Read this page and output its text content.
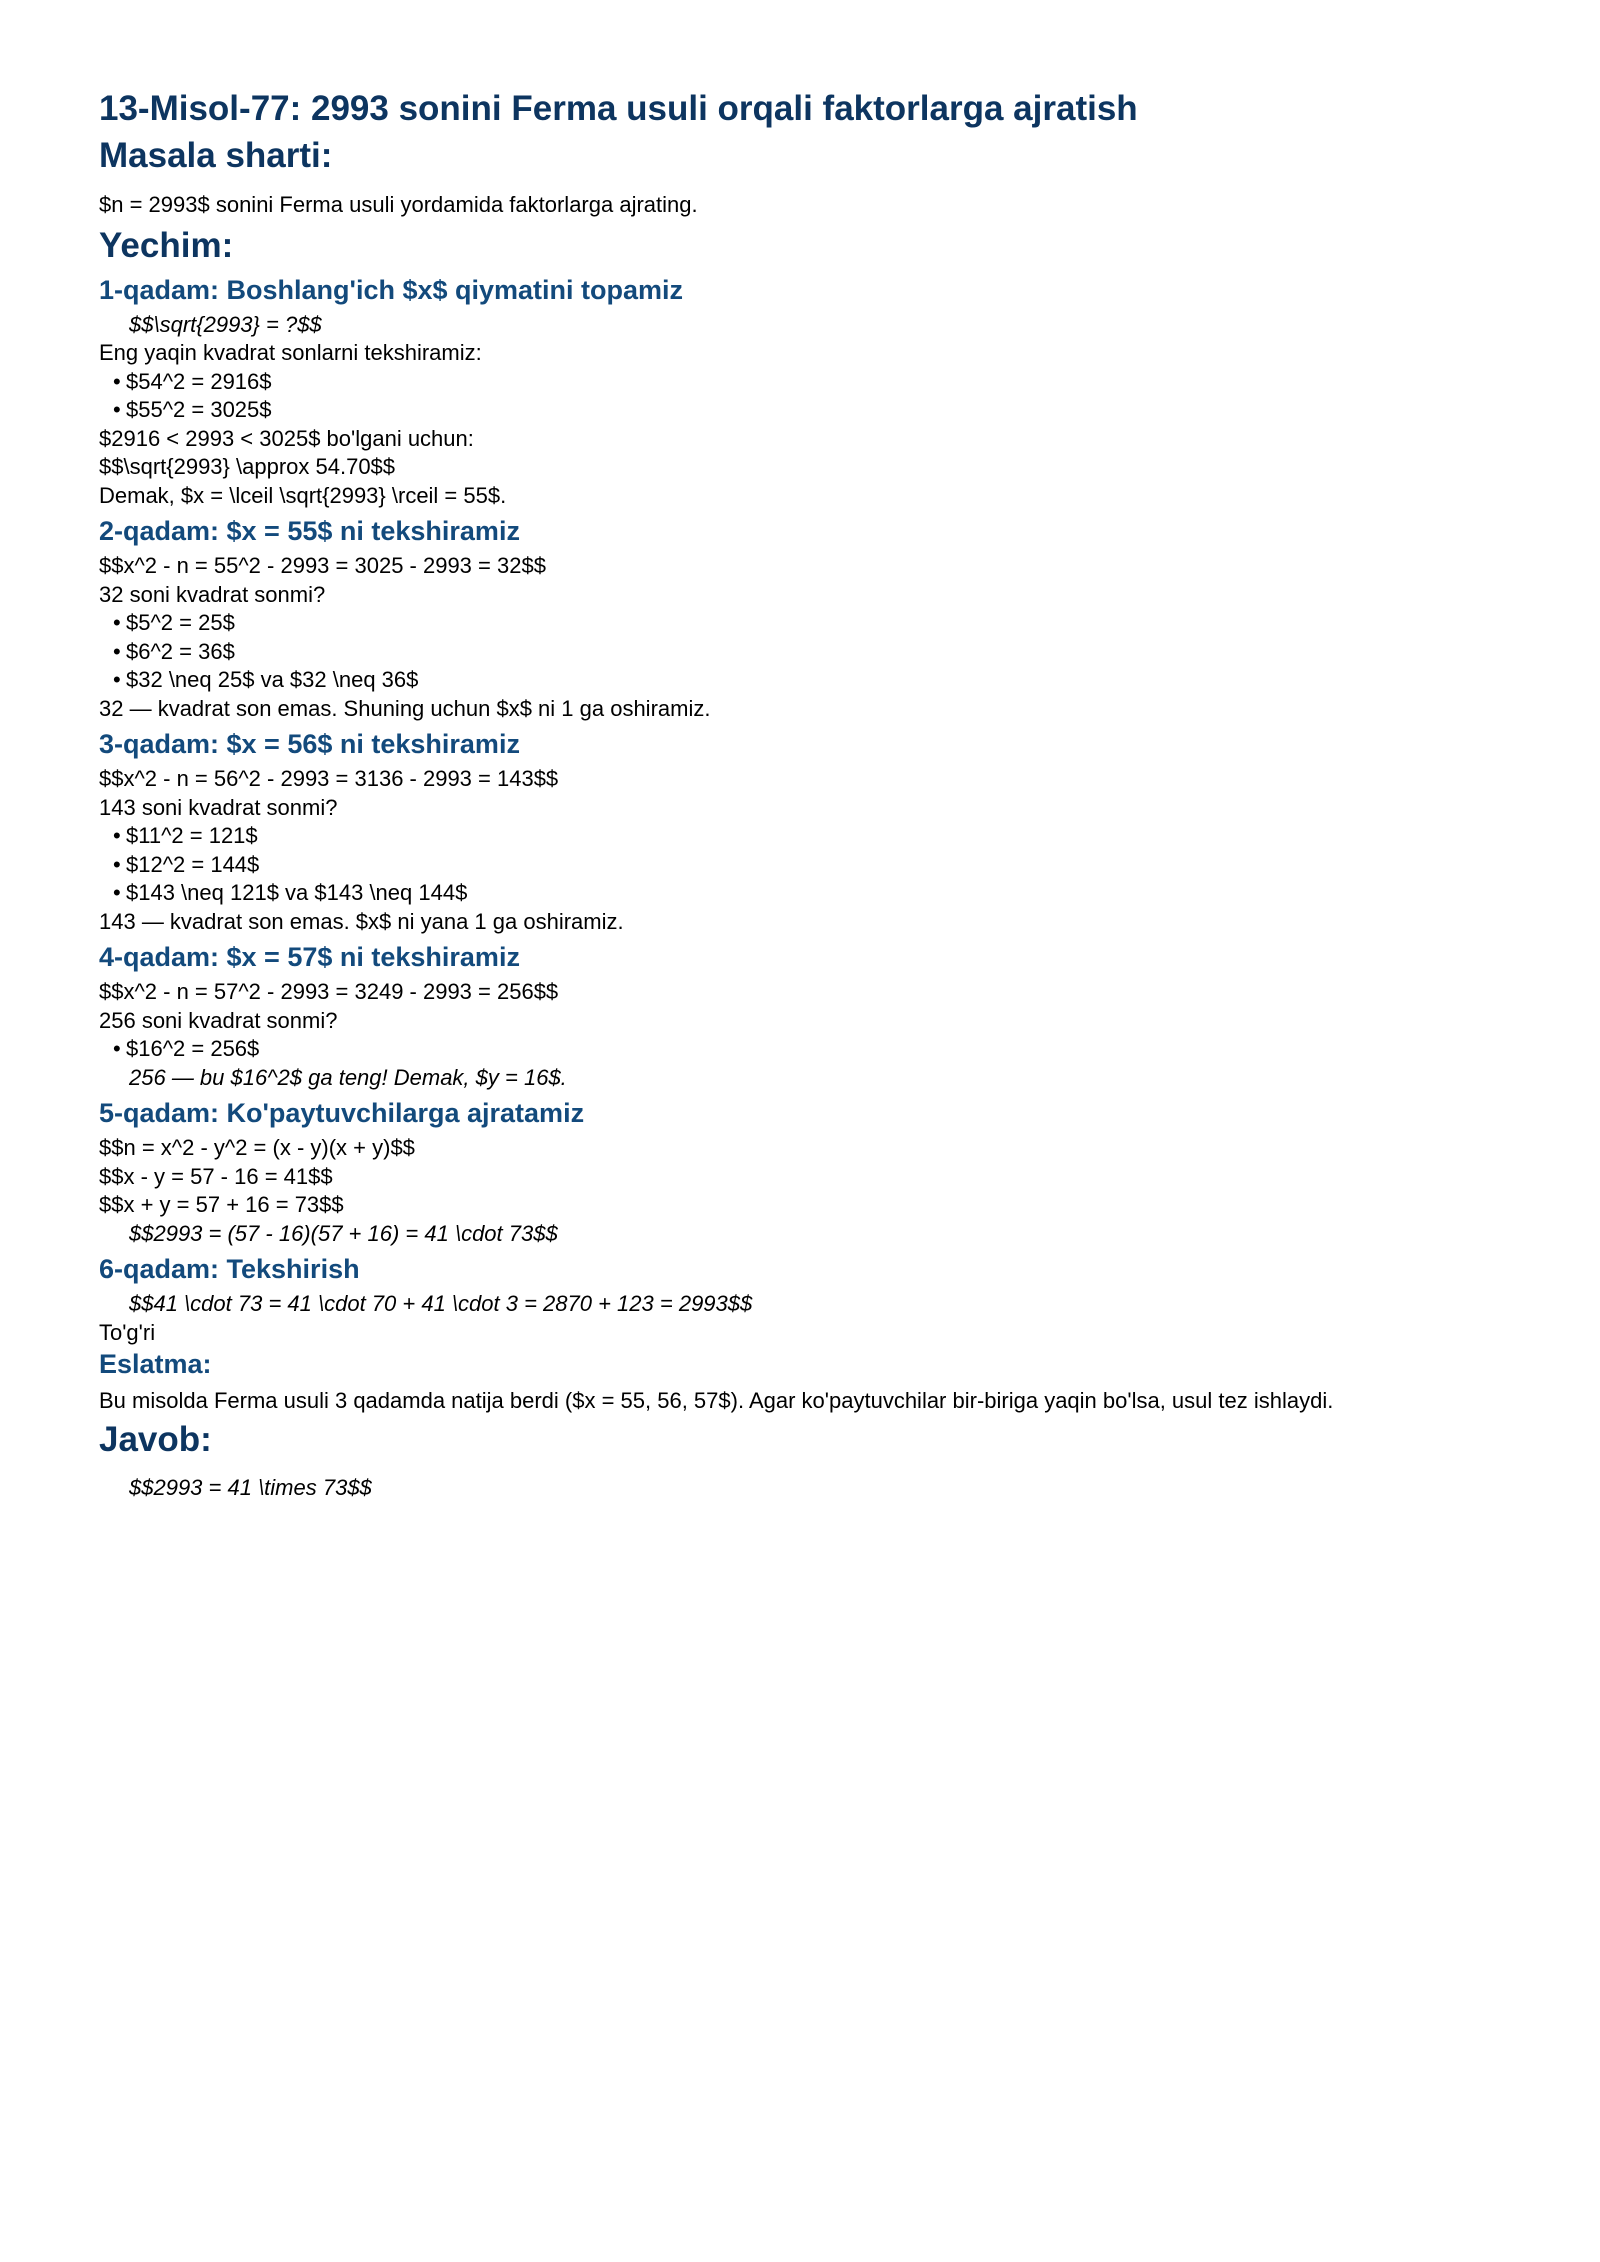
13-Misol-77: 2993 sonini Ferma usuli orqali faktorlarga ajratish
Masala sharti:

$n = 2993$ sonini Ferma usuli yordamida faktorlarga ajrating.

Yechim:
1-qadam: Boshlang'ich $x$ qiymatini topamiz
$$\sqrt{2993} = ?$$

Eng yaqin kvadrat sonlarni tekshiramiz:

• $54^2 = 2916$
• $55^2 = 3025$

$2916 < 2993 < 3025$ bo'lgani uchun:

$$\sqrt{2993} \approx 54.70$$

Demak, $x = \lceil \sqrt{2993} \rceil = 55$.

2-qadam: $x = 55$ ni tekshiramiz

$$x^2 - n = 55^2 - 2993 = 3025 - 2993 = 32$$

32 soni kvadrat sonmi?

• $5^2 = 25$
• $6^2 = 36$
• $32 \neq 25$ va $32 \neq 36$

32 — kvadrat son emas. Shuning uchun $x$ ni 1 ga oshiramiz.

3-qadam: $x = 56$ ni tekshiramiz

$$x^2 - n = 56^2 - 2993 = 3136 - 2993 = 143$$

143 soni kvadrat sonmi?

• $11^2 = 121$
• $12^2 = 144$
• $143 \neq 121$ va $143 \neq 144$

143 — kvadrat son emas. $x$ ni yana 1 ga oshiramiz.

4-qadam: $x = 57$ ni tekshiramiz

$$x^2 - n = 57^2 - 2993 = 3249 - 2993 = 256$$

256 soni kvadrat sonmi?

• $16^2 = 256$
256 — bu $16^2$ ga teng! Demak, $y = 16$.
5-qadam: Ko'paytuvchilarga ajratamiz

$$n = x^2 - y^2 = (x - y)(x + y)$$

$$x - y = 57 - 16 = 41$$

$$x + y = 57 + 16 = 73$$

$$2993 = (57 - 16)(57 + 16) = 41 \cdot 73$$
6-qadam: Tekshirish
$$41 \cdot 73 = 41 \cdot 70 + 41 \cdot 3 = 2870 + 123 = 2993$$

To'g'ri

Eslatma:

Bu misolda Ferma usuli 3 qadamda natija berdi ($x = 55, 56, 57$). Agar ko'paytuvchilar bir-biriga yaqin bo'lsa, usul tez ishlaydi.

Javob:
$$2993 = 41 \times 73$$
